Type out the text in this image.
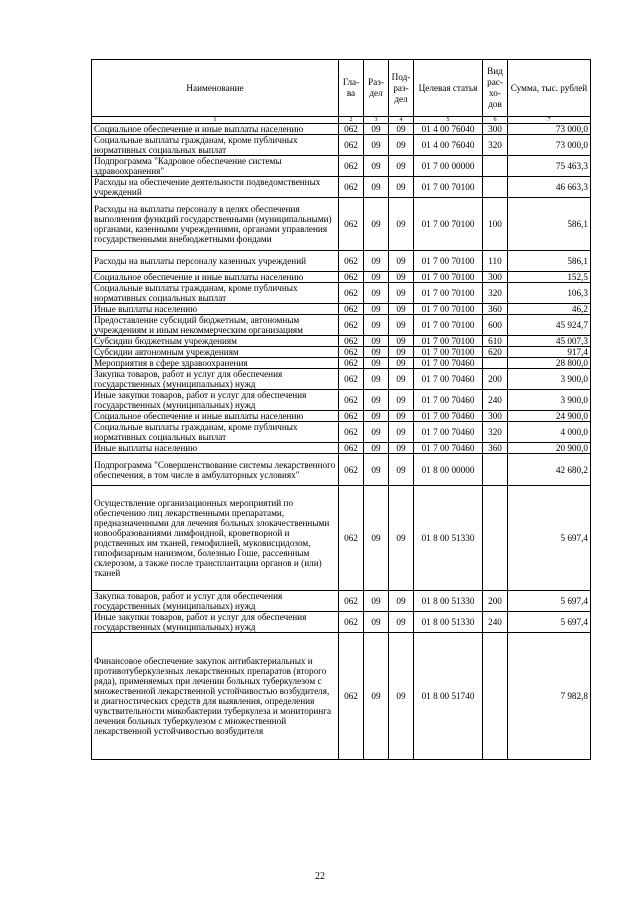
Наименование	Гла- ва	Раз- дел	Под- раз- дел	Целевая статья	Вид рас- хо- дов	Сумма, тыс. рублей
1	2	3	4	5	6	7
Социальное обеспечение и иные выплаты населению	062	09	09	01 4 00 76040	300	73 000,0
Социальные выплаты гражданам, кроме публичных нормативных социальных выплат	062	09	09	01 4 00 76040	320	73 000,0
Подпрограмма "Кадровое обеспечение системы здравоохранения"	062	09	09	01 7 00 00000		75 463,3
Расходы на обеспечение деятельности подведомственных учреждений	062	09	09	01 7 00 70100		46 663,3
Расходы на выплаты персоналу в целях обеспечения выполнения функций государственными (муниципальными) органами, казенными учреждениями, органами управления государственными внебюджетными фондами	062	09	09	01 7 00 70100	100	586,1
Расходы на выплаты персоналу казенных учреждений	062	09	09	01 7 00 70100	110	586,1
Социальное обеспечение и иные выплаты населению	062	09	09	01 7 00 70100	300	152,5
Социальные выплаты гражданам, кроме публичных нормативных социальных выплат	062	09	09	01 7 00 70100	320	106,3
Иные выплаты населению	062	09	09	01 7 00 70100	360	46,2
Предоставление субсидий бюджетным, автономным учреждениям и иным некоммерческим организациям	062	09	09	01 7 00 70100	600	45 924,7
Субсидии бюджетным учреждениям	062	09	09	01 7 00 70100	610	45 007,3
Субсидии автономным учреждениям	062	09	09	01 7 00 70100	620	917,4
Мероприятия в сфере здравоохранения	062	09	09	01 7 00 70460		28 800,0
Закупка товаров, работ и услуг для обеспечения государственных (муниципальных) нужд	062	09	09	01 7 00 70460	200	3 900,0
Иные закупки товаров, работ и услуг для обеспечения государственных (муниципальных) нужд	062	09	09	01 7 00 70460	240	3 900,0
Социальное обеспечение и иные выплаты населению	062	09	09	01 7 00 70460	300	24 900,0
Социальные выплаты гражданам, кроме публичных нормативных социальных выплат	062	09	09	01 7 00 70460	320	4 000,0
Иные выплаты населению	062	09	09	01 7 00 70460	360	20 900,0
Подпрограмма "Совершенствование системы лекарственного обеспечения, в том числе в амбулаторных условиях"	062	09	09	01 8 00 00000		42 680,2
Осуществление организационных мероприятий по обеспечению лиц лекарственными препаратами, предназначенными для лечения больных злокачественными новообразованиями лимфоидной, кроветворной и родственных им тканей, гемофилией, муковисцидозом, гипофизарным нанизмом, болезнью Гоше, рассеянным склерозом, а также после трансплантации органов и (или) тканей	062	09	09	01 8 00 51330		5 697,4
Закупка товаров, работ и услуг для обеспечения государственных (муниципальных) нужд	062	09	09	01 8 00 51330	200	5 697,4
Иные закупки товаров, работ и услуг для обеспечения государственных (муниципальных) нужд	062	09	09	01 8 00 51330	240	5 697,4
Финансовое обеспечение закупок антибактериальных и противотуберкулезных лекарственных препаратов (второго ряда), применяемых при лечении больных туберкулезом с множественной лекарственной устойчивостью возбудителя, и диагностических средств для выявления, определения чувствительности микобактерии туберкулеза и мониторинга лечения больных туберкулезом с множественной лекарственной устойчивостью возбудителя	062	09	09	01 8 00 51740		7 982,8
22
